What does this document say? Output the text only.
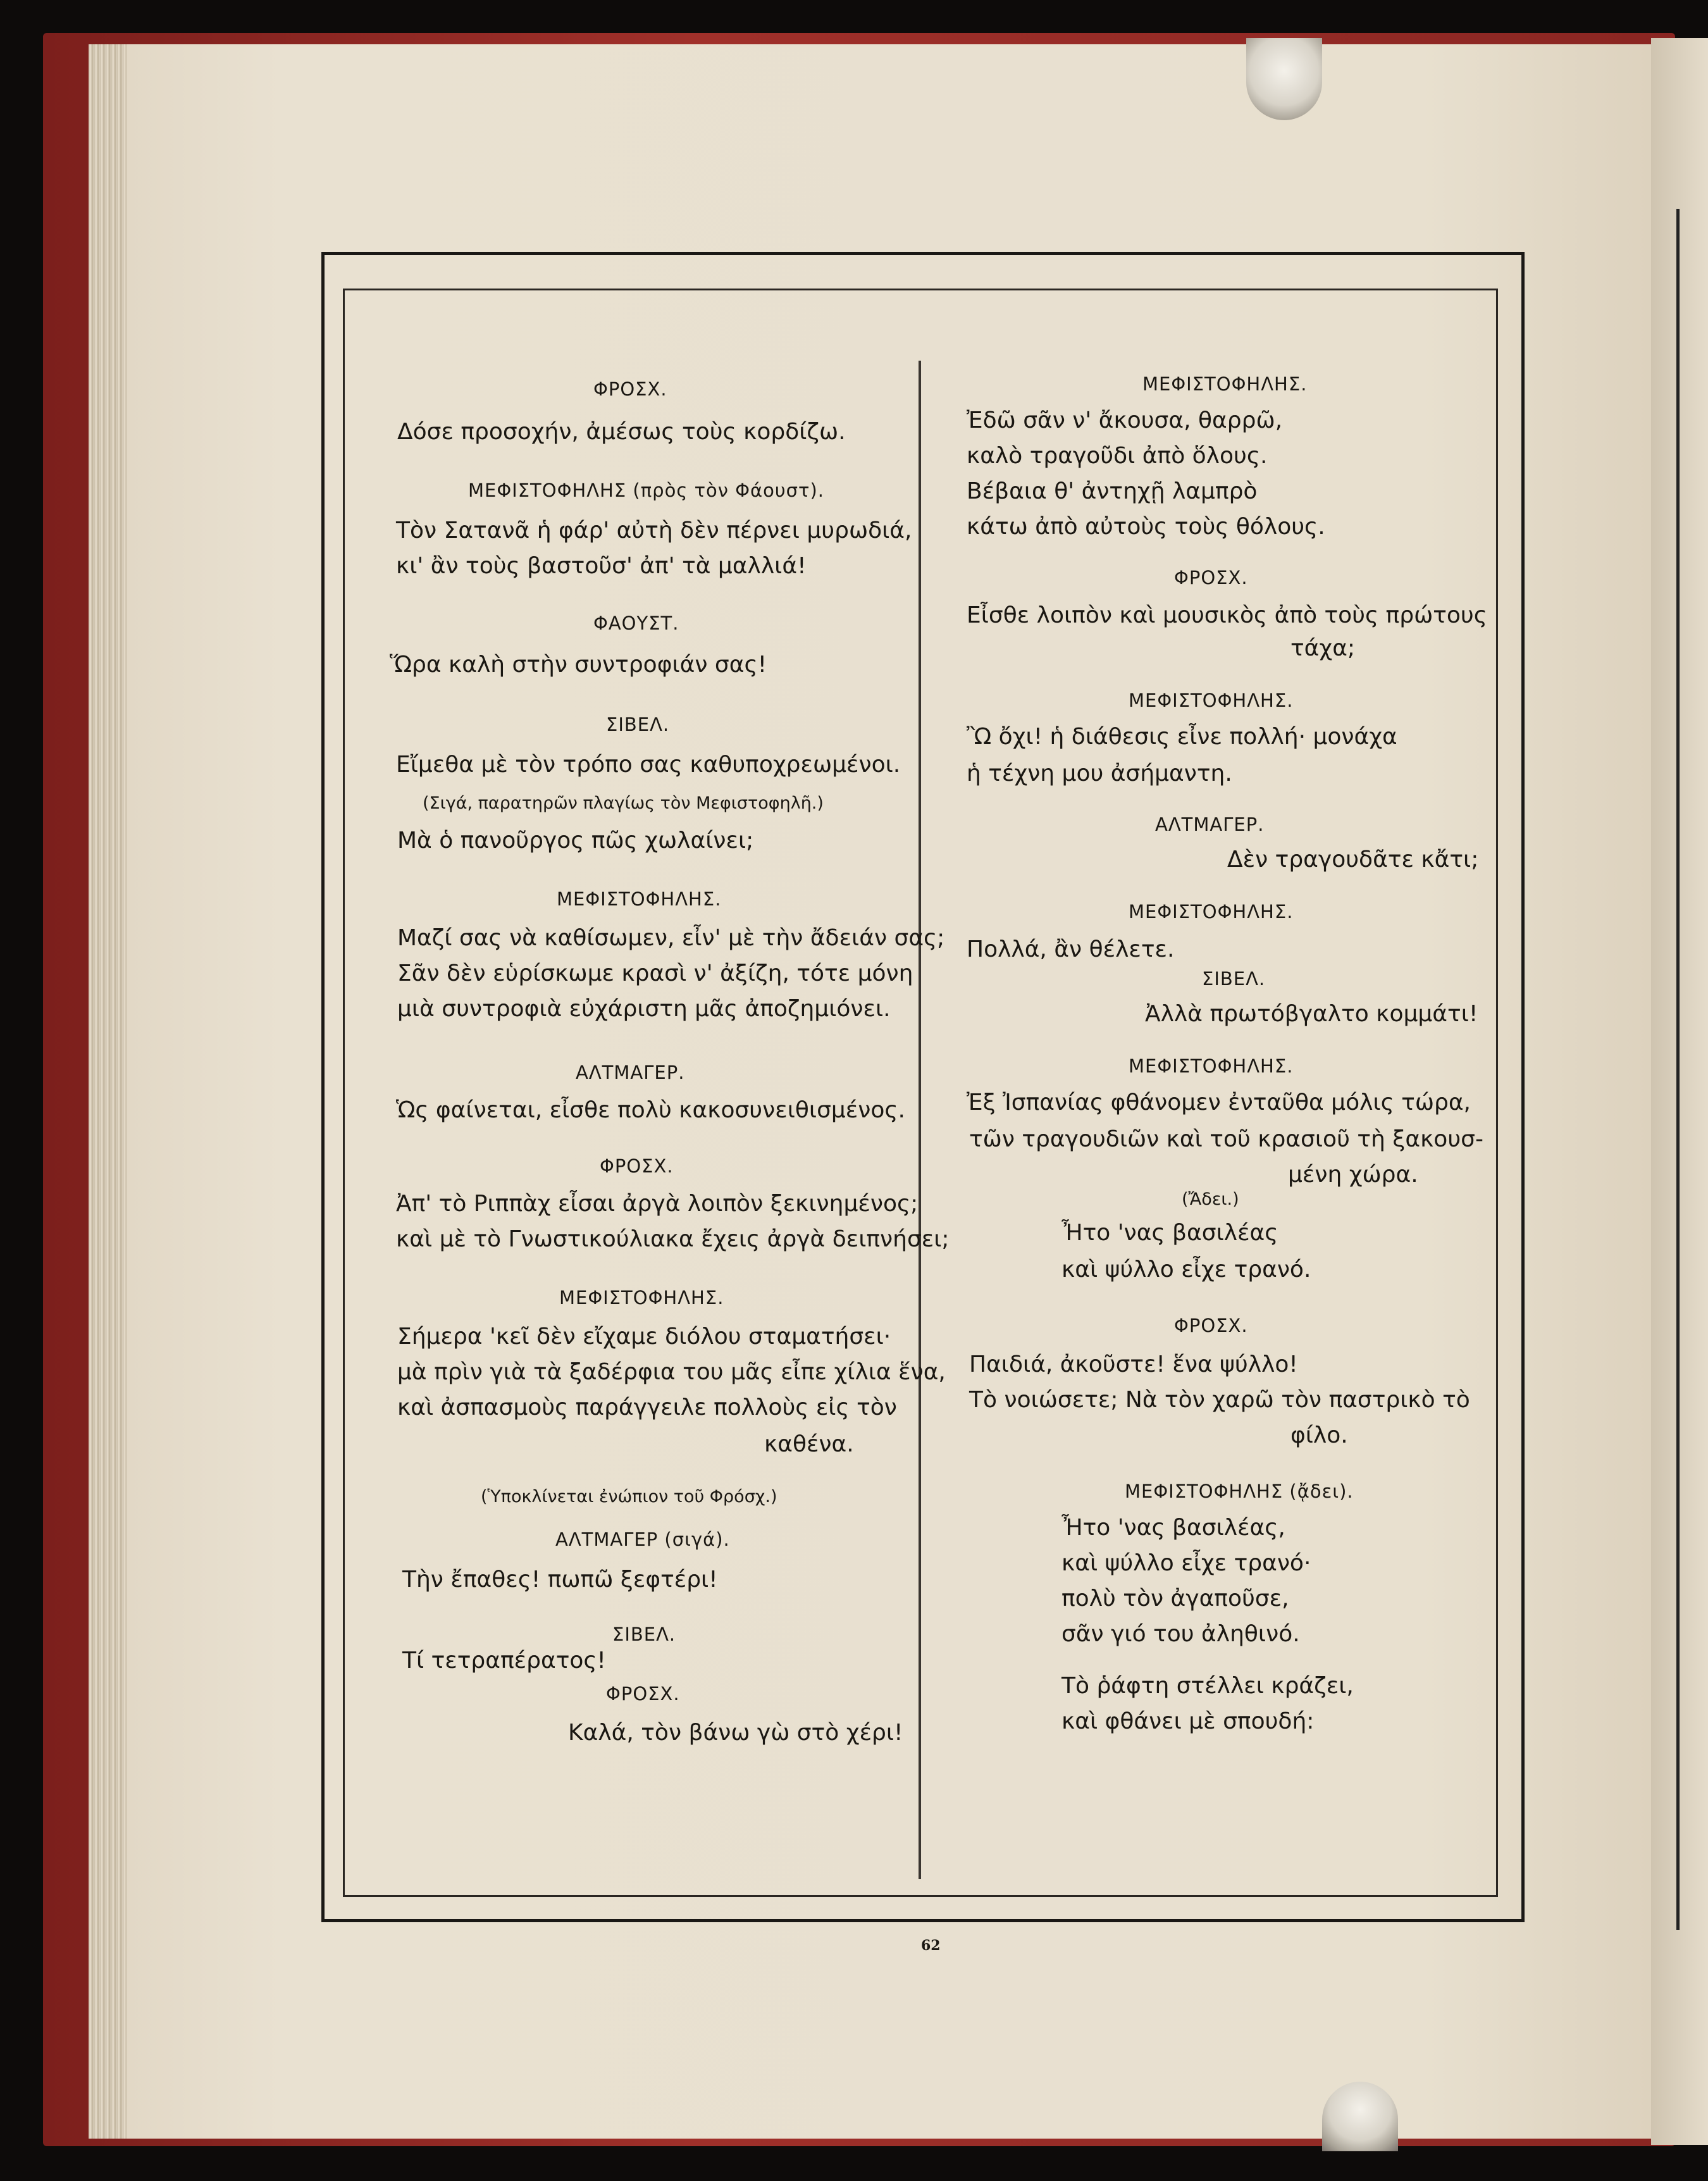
ΦΡΟΣΧ.
Δόσε προσοχήν, ἀμέσως τοὺς κορδίζω.
ΜΕΦΙΣΤΟΦΗΛΗΣ (πρὸς τὸν Φάουστ).
Τὸν Σατανᾶ ἡ φάρ' αὐτὴ δὲν πέρνει μυρωδιά,
κι' ἂν τοὺς βαστοῦσ' ἀπ' τὰ μαλλιά!
ΦΑΟΥΣΤ.
Ὥρα καλὴ στὴν συντροφιάν σας!
ΣΙΒΕΛ.
Εἴμεθα μὲ τὸν τρόπο σας καθυποχρεωμένοι.
(Σιγά, παρατηρῶν πλαγίως τὸν Μεφιστοφηλῆ.)
Μὰ ὁ πανοῦργος πῶς χωλαίνει;
ΜΕΦΙΣΤΟΦΗΛΗΣ.
Μαζί σας νὰ καθίσωμεν, εἶν' μὲ τὴν ἄδειάν σας;
Σᾶν δὲν εὑρίσκωμε κρασὶ ν' ἀξίζη, τότε μόνη
μιὰ συντροφιὰ εὐχάριστη μᾶς ἀποζημιόνει.
ΑΛΤΜΑΓΕΡ.
Ὡς φαίνεται, εἶσθε πολὺ κακοσυνειθισμένος.
ΦΡΟΣΧ.
Ἀπ' τὸ Ριππὰχ εἶσαι ἀργὰ λοιπὸν ξεκινημένος;
καὶ μὲ τὸ Γνωστικούλιακα ἔχεις ἀργὰ δειπνήσει;
ΜΕΦΙΣΤΟΦΗΛΗΣ.
Σήμερα 'κεῖ δὲν εἴχαμε διόλου σταματήσει·
μὰ πρὶν γιὰ τὰ ξαδέρφια του μᾶς εἶπε χίλια ἕνα,
καὶ ἀσπασμοὺς παράγγειλε πολλοὺς εἰς τὸν
καθένα.
(Ὑποκλίνεται ἐνώπιον τοῦ Φρόσχ.)
ΑΛΤΜΑΓΕΡ (σιγά).
Τὴν ἔπαθες! πωπῶ ξεφτέρι!
ΣΙΒΕΛ.
Τί τετραπέρατος!
ΦΡΟΣΧ.
Καλά, τὸν βάνω γὼ στὸ χέρι!
ΜΕΦΙΣΤΟΦΗΛΗΣ.
Ἐδῶ σᾶν ν' ἄκουσα, θαρρῶ,
καλὸ τραγοῦδι ἀπὸ ὅλους.
Βέβαια θ' ἀντηχῇ λαμπρὸ
κάτω ἀπὸ αὐτοὺς τοὺς θόλους.
ΦΡΟΣΧ.
Εἶσθε λοιπὸν καὶ μουσικὸς ἀπὸ τοὺς πρώτους
τάχα;
ΜΕΦΙΣΤΟΦΗΛΗΣ.
Ὢ ὄχι! ἡ διάθεσις εἶνε πολλή· μονάχα
ἡ τέχνη μου ἀσήμαντη.
ΑΛΤΜΑΓΕΡ.
Δὲν τραγουδᾶτε κἄτι;
ΜΕΦΙΣΤΟΦΗΛΗΣ.
Πολλά, ἂν θέλετε.
ΣΙΒΕΛ.
Ἀλλὰ πρωτόβγαλτο κομμάτι!
ΜΕΦΙΣΤΟΦΗΛΗΣ.
Ἐξ Ἰσπανίας φθάνομεν ἐνταῦθα μόλις τώρα,
τῶν τραγουδιῶν καὶ τοῦ κρασιοῦ τὴ ξακουσ-
μένη χώρα.
(Ἄδει.)
Ἦτο 'νας βασιλέας
καὶ ψύλλο εἶχε τρανό.
ΦΡΟΣΧ.
Παιδιά, ἀκοῦστε! ἕνα ψύλλο!
Τὸ νοιώσετε; Νὰ τὸν χαρῶ τὸν παστρικὸ τὸ
φίλο.
ΜΕΦΙΣΤΟΦΗΛΗΣ (ᾄδει).
Ἦτο 'νας βασιλέας,
καὶ ψύλλο εἶχε τρανό·
πολὺ τὸν ἀγαποῦσε,
σᾶν γιό του ἀληθινό.
Τὸ ῥάφτη στέλλει κράζει,
καὶ φθάνει μὲ σπουδή:
62
